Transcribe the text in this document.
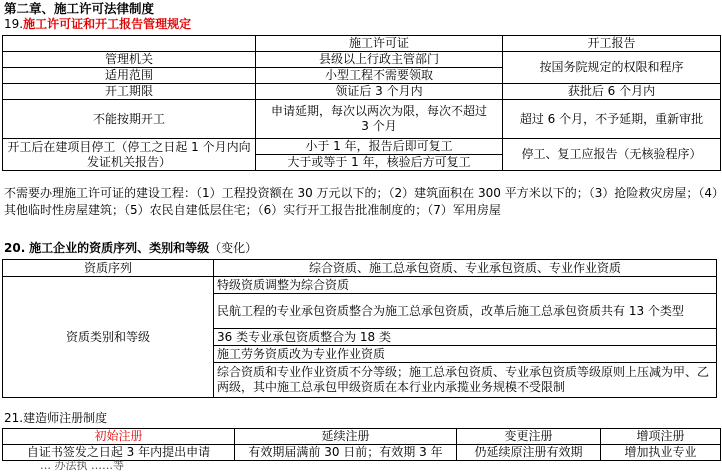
第二章、施工许可法律制度
19.施工许可证和开工报告管理规定
	施工许可证	开工报告
管理机关	县级以上行政主管部门	按国务院规定的权限和程序
适用范围	小型工程不需要领取	
开工期限	领证后 3 个月内	获批后 6 个月内
不能按期开工	申请延期，每次以两次为限，每次不超过 3 个月	超过 6 个月，不予延期，重新审批
开工后在建项目停工（停工之日起 1 个月内向发证机关报告）	小于 1 年，报告后即可复工	停工、复工应报告（无核验程序）
	大于或等于 1 年，核验后方可复工	
不需要办理施工许可证的建设工程：（1）工程投资额在 30 万元以下的；（2）建筑面积在 300 平方米以下的；（3）抢险救灾房屋；（4）其他临时性房屋建筑；（5）农民自建低层住宅；（6）实行开工报告批准制度的；（7）军用房屋
20. 施工企业的资质序列、类别和等级（变化）
资质序列	综合资质、施工总承包资质、专业承包资质、专业作业资质
资质类别和等级	特级资质调整为综合资质
	民航工程的专业承包资质整合为施工总承包资质，改革后施工总承包资质共有 13 个类型
	36 类专业承包资质整合为 18 类
	施工劳务资质改为专业作业资质
	综合资质和专业作业资质不分等级；施工总承包资质、专业承包资质等级原则上压减为甲、乙两级，其中施工总承包甲级资质在本行业内承揽业务规模不受限制
21.建造师注册制度
初始注册	延续注册	变更注册	增项注册
自证书签发之日起 3 年内提出申请	有效期届满前 30 日前；有效期 3 年	仍延续原注册有效期	增加执业专业
… 办法执 ……等
